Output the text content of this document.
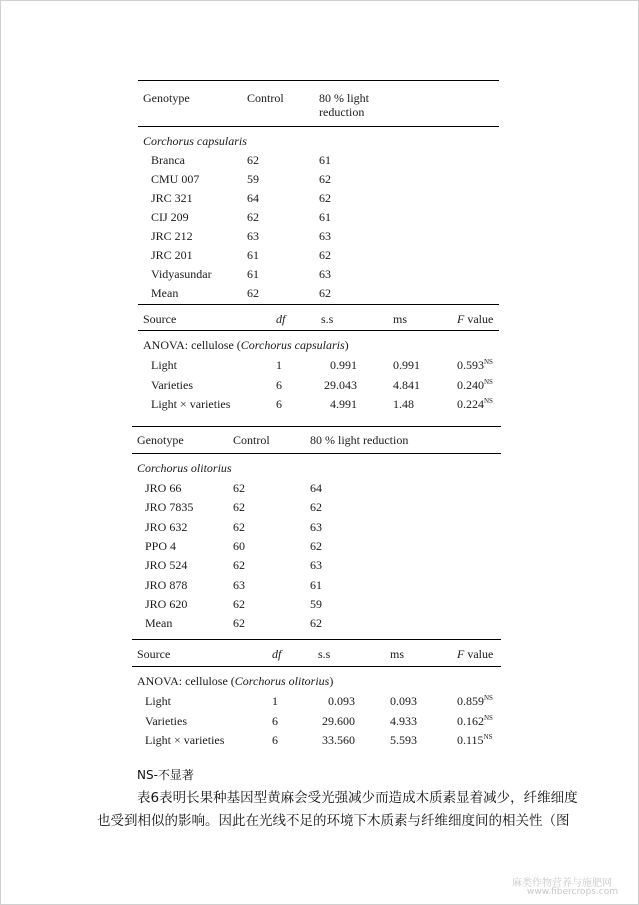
Genotype	Control	80 % light
reduction
Corchorus capsularis
Branca	62	61
CMU 007	59	62
JRC 321	64	62
CIJ 209	62	61
JRC 212	63	63
JRC 201	61	62
Vidyasundar	61	63
Mean	62	62
Source	df	s.s	ms	F value
ANOVA: cellulose (Corchorus capsularis)
Light	1	0.991	0.991	$0.593^{NS}$
Varieties	6	29.043	4.841	$0.240^{NS}$
Light × varieties	6	4.991	1.48	$0.224^{NS}$
Genotype	Control	80 % light reduction
Corchorus olitorius
JRO 66	62	64
JRO 7835	62	62
JRO 632	62	63
PPO 4	60	62
JRO 524	62	63
JRO 878	63	61
JRO 620	62	59
Mean	62	62
Source	df	s.s	ms	F value
ANOVA: cellulose (Corchorus olitorius)
Light	1	0.093	0.093	$0.859^{NS}$
Varieties	6	29.600	4.933	$0.162^{NS}$
Light × varieties	6	33.560	5.593	$0.115^{NS}$
NS-不显著
表6表明长果种基因型黄麻会受光强减少而造成木质素显着减少，纤维细度
也受到相似的影响。因此在光线不足的环境下木质素与纤维细度间的相关性（图
麻类作物营养与施肥网
www.fibercrops.com
